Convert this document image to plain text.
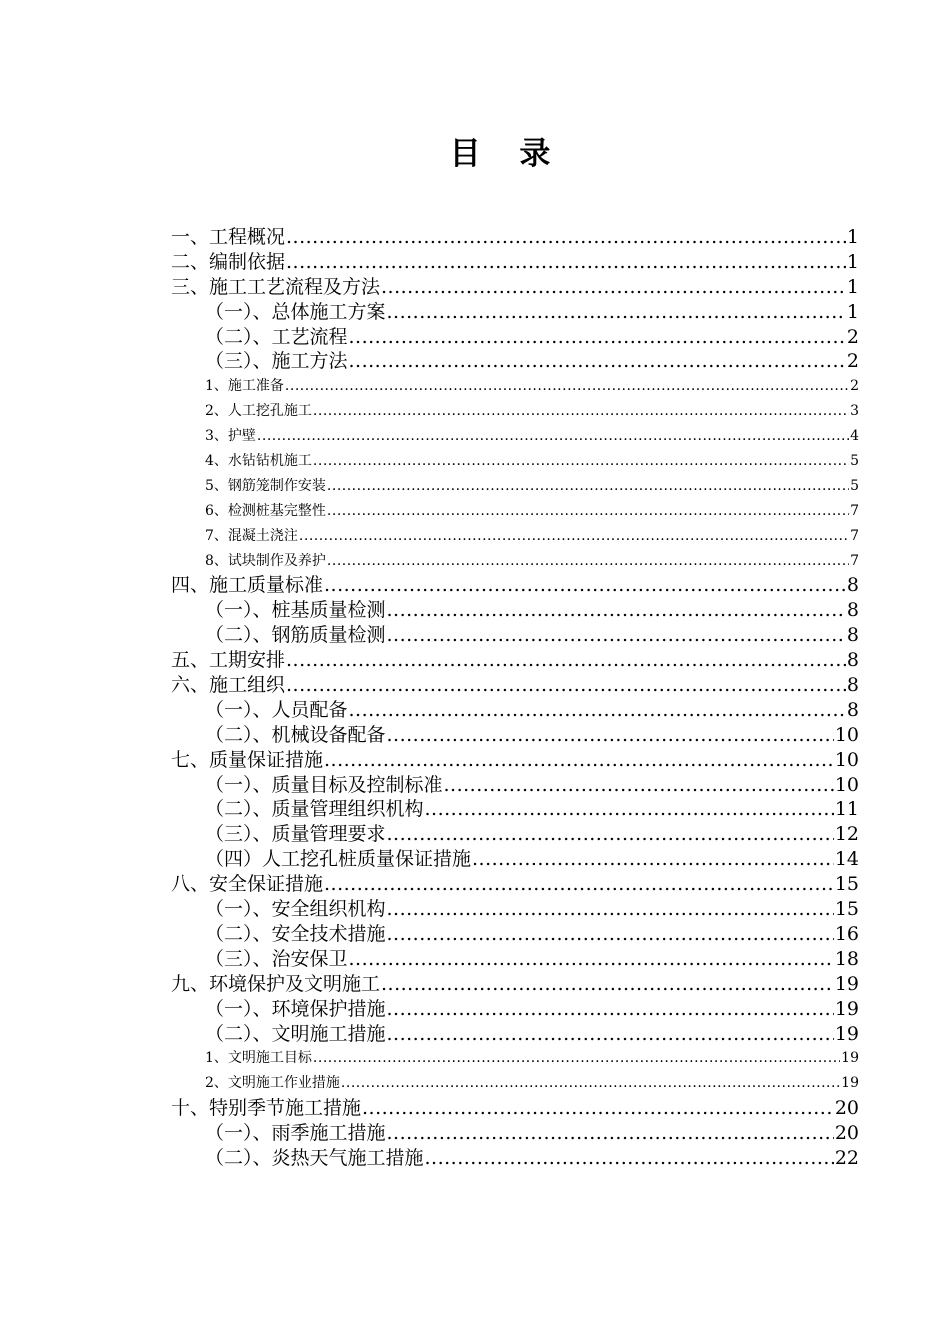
目 录
一、工程概况 .....	1
二、编制依据 .....	1
三、施工工艺流程及方法 .....	1
（一）、总体施工方案 .....	1
（二）、工艺流程 .....	2
（三）、施工方法 .....	2
1、施工准备 .....	2
2、人工挖孔施工 .....	3
3、护壁 .....	4
4、水钻钻机施工 .....	5
5、钢筋笼制作安装 .....	5
6、检测桩基完整性 .....	7
7、混凝土浇注 .....	7
8、试块制作及养护 .....	7
四、施工质量标准 .....	8
（一）、桩基质量检测 .....	8
（二）、钢筋质量检测 .....	8
五、工期安排 .....	8
六、施工组织 .....	8
（一）、人员配备 .....	8
（二）、机械设备配备 .....	10
七、质量保证措施 .....	10
（一）、质量目标及控制标准 .....	10
（二）、质量管理组织机构 .....	11
（三）、质量管理要求 .....	12
（四）人工挖孔桩质量保证措施 .....	14
八、安全保证措施 .....	15
（一）、安全组织机构 .....	15
（二）、安全技术措施 .....	16
（三）、治安保卫 .....	18
九、环境保护及文明施工 .....	19
（一）、环境保护措施 .....	19
（二）、文明施工措施 .....	19
1、文明施工目标 .....	19
2、文明施工作业措施 .....	19
十、特别季节施工措施 .....	20
（一）、雨季施工措施 .....	20
（二）、炎热天气施工措施 .....	22
